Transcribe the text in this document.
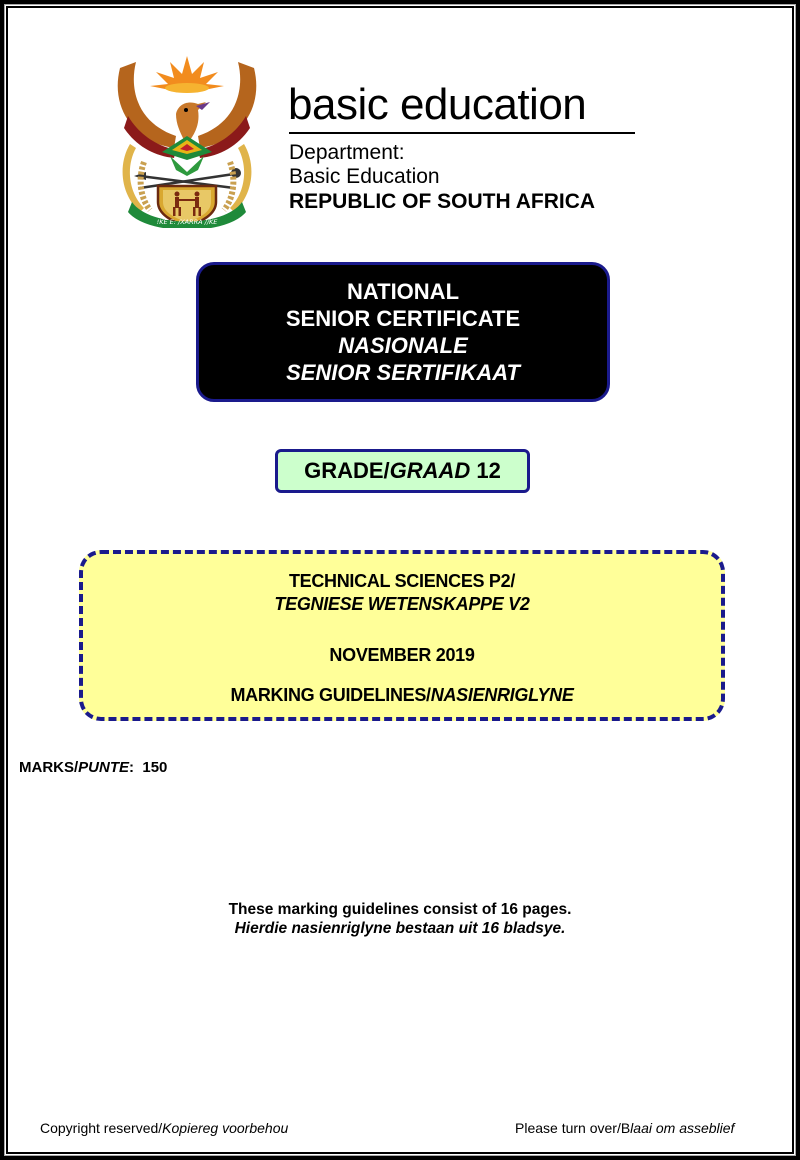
!KE E: /XARRA //KE
basic education
Department:
Basic Education
REPUBLIC OF SOUTH AFRICA
NATIONAL
SENIOR CERTIFICATE
NASIONALE
SENIOR SERTIFIKAAT
GRADE/GRAAD 12
TECHNICAL SCIENCES P2/
TEGNIESE WETENSKAPPE V2
NOVEMBER 2019
MARKING GUIDELINES/NASIENRIGLYNE
MARKS/PUNTE:  150
These marking guidelines consist of 16 pages.
Hierdie nasienriglyne bestaan uit 16 bladsye.
Copyright reserved/Kopiereg voorbehou	Please turn over/Blaai om asseblief
